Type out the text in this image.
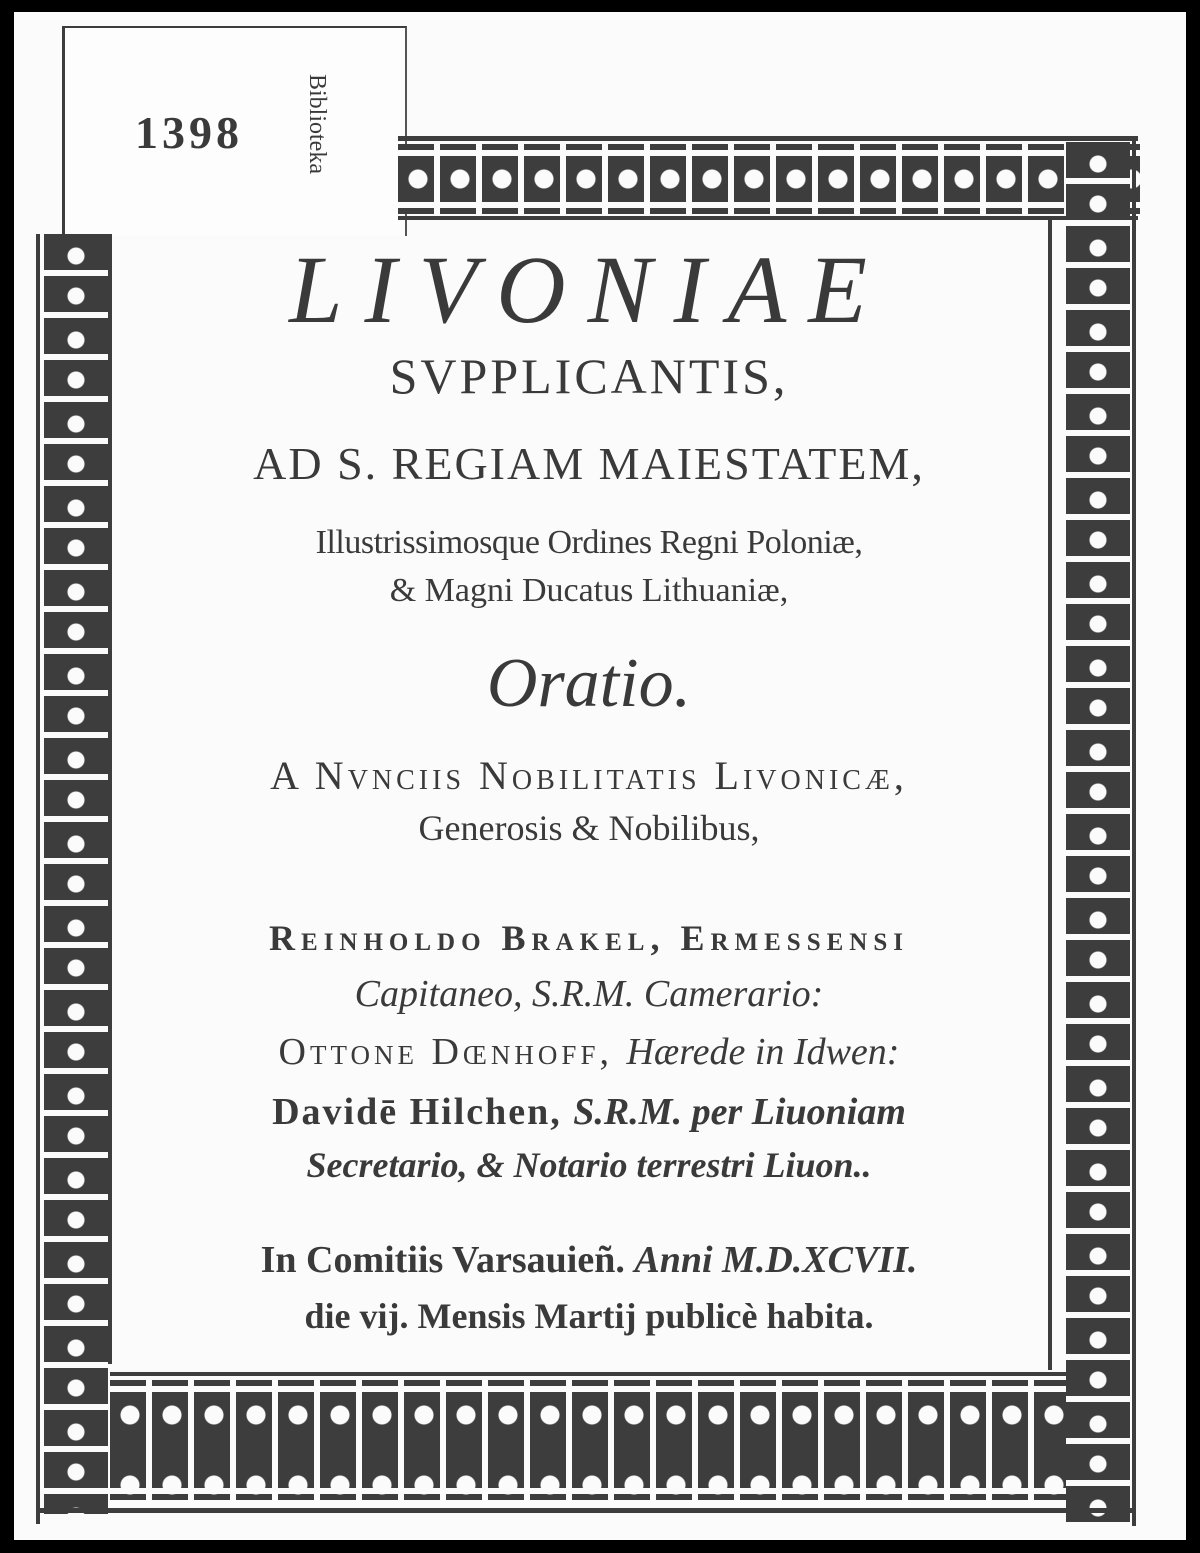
1398	Biblioteka
LIVONIAE
SVPPLICANTIS,
AD S. REGIAM MAIESTATEM,
Illustrissimosque Ordines Regni Poloniæ,
& Magni Ducatus Lithuaniæ,
Oratio.
A Nvnciis Nobilitatis Livonicæ,
Generosis & Nobilibus,
Reinholdo Brakel, Ermessensi
Capitaneo, S.R.M. Camerario:
Ottone Dœnhoff, Hærede in Idwen:
Davidē Hilchen, S.R.M. per Liuoniam
Secretario, & Notario terrestri Liuon..
In Comitiis Varsauieñ. Anni M.D.XCVII.
die vij. Mensis Martij publicè habita.
